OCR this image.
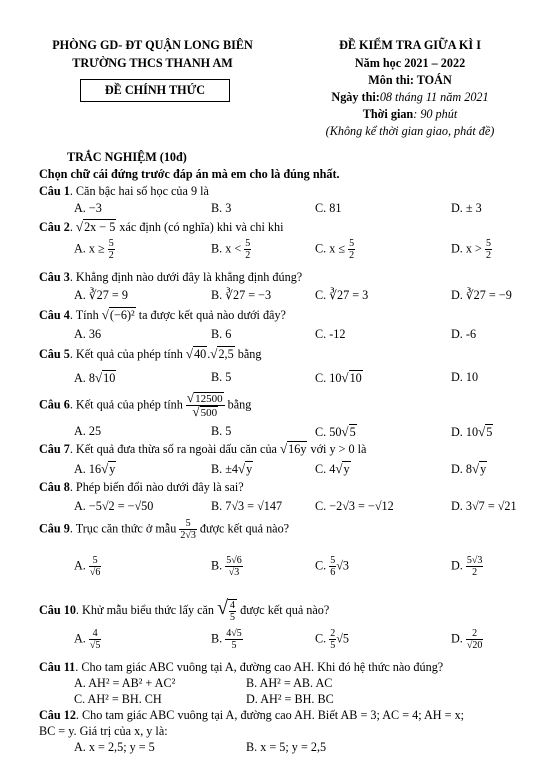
PHÒNG GD- ĐT QUẬN LONG BIÊN
TRƯỜNG THCS THANH AM
ĐỀ CHÍNH THỨC
ĐỀ KIỂM TRA GIỮA KÌ I
Năm học 2021 – 2022
Môn thi: TOÁN
Ngày thi:08 tháng 11 năm 2021
Thời gian: 90 phút
(Không kể thời gian giao, phát đề)
TRẮC NGHIỆM (10đ)
Chọn chữ cái đứng trước đáp án mà em cho là đúng nhất.
Câu 1. Căn bậc hai số học của 9 là
A. −3	B. 3	C. 81	D. ± 3
Câu 2. √2x − 5 xác định (có nghĩa) khi và chỉ khi
A. $x \ge \frac{5}{2}$	B. $x < \frac{5}{2}$	C. $x \le \frac{5}{2}$	D. $x > \frac{5}{2}$
Câu 3. Khẳng định nào dưới đây là khẳng định đúng?
A. ∛27 = 9	B. ∛27 = −3	C. ∛27 = 3	D. ∛27 = −9
Câu 4. Tính √(−6)² ta được kết quả nào dưới đây?
A. 36	B. 6	C. -12	D. -6
Câu 5. Kết quả của phép tính √40.√2,5 bằng
A. 8√10	B. 5	C. 10√10	D. 10
Câu 6. Kết quả của phép tính $\frac{√12500}{√500}$ bằng
A. 25	B. 5	C. 50√5	D. 10√5
Câu 7. Kết quả đưa thừa số ra ngoài dấu căn của √16y với y > 0 là
A. 16√y	B. ±4√y	C. 4√y	D. 8√y
Câu 8. Phép biến đổi nào dưới đây là sai?
A. −5√2 = −√50	B. 7√3 = √147	C. −2√3 = −√12	D. 3√7 = √21
Câu 9. Trục căn thức ở mẫu $\frac{5}{2√3}$ được kết quả nào?
A. $\frac{5}{√6}$	B. $\frac{5√6}{√3}$	C. $\frac{5}{6} √3$	D. $\frac{5√3}{2}$
Câu 10. Khử mẫu biểu thức lấy căn √ $\frac{4}{5}$ được kết quả nào?
A. $\frac{4}{√5}$	B. $\frac{4√5}{5}$	C. $\frac{2}{5} √5$	D. $\frac{2}{√20}$
Câu 11. Cho tam giác ABC vuông tại A, đường cao AH. Khi đó hệ thức nào đúng?
A. AH² = AB² + AC²	B. AH² = AB. AC
C. AH² = BH. CH	D. AH² = BH. BC
Câu 12. Cho tam giác ABC vuông tại A, đường cao AH. Biết AB = 3; AC = 4; AH = x;
BC = y. Giá trị của x, y là:
A. x = 2,5; y = 5	B. x = 5; y = 2,5
